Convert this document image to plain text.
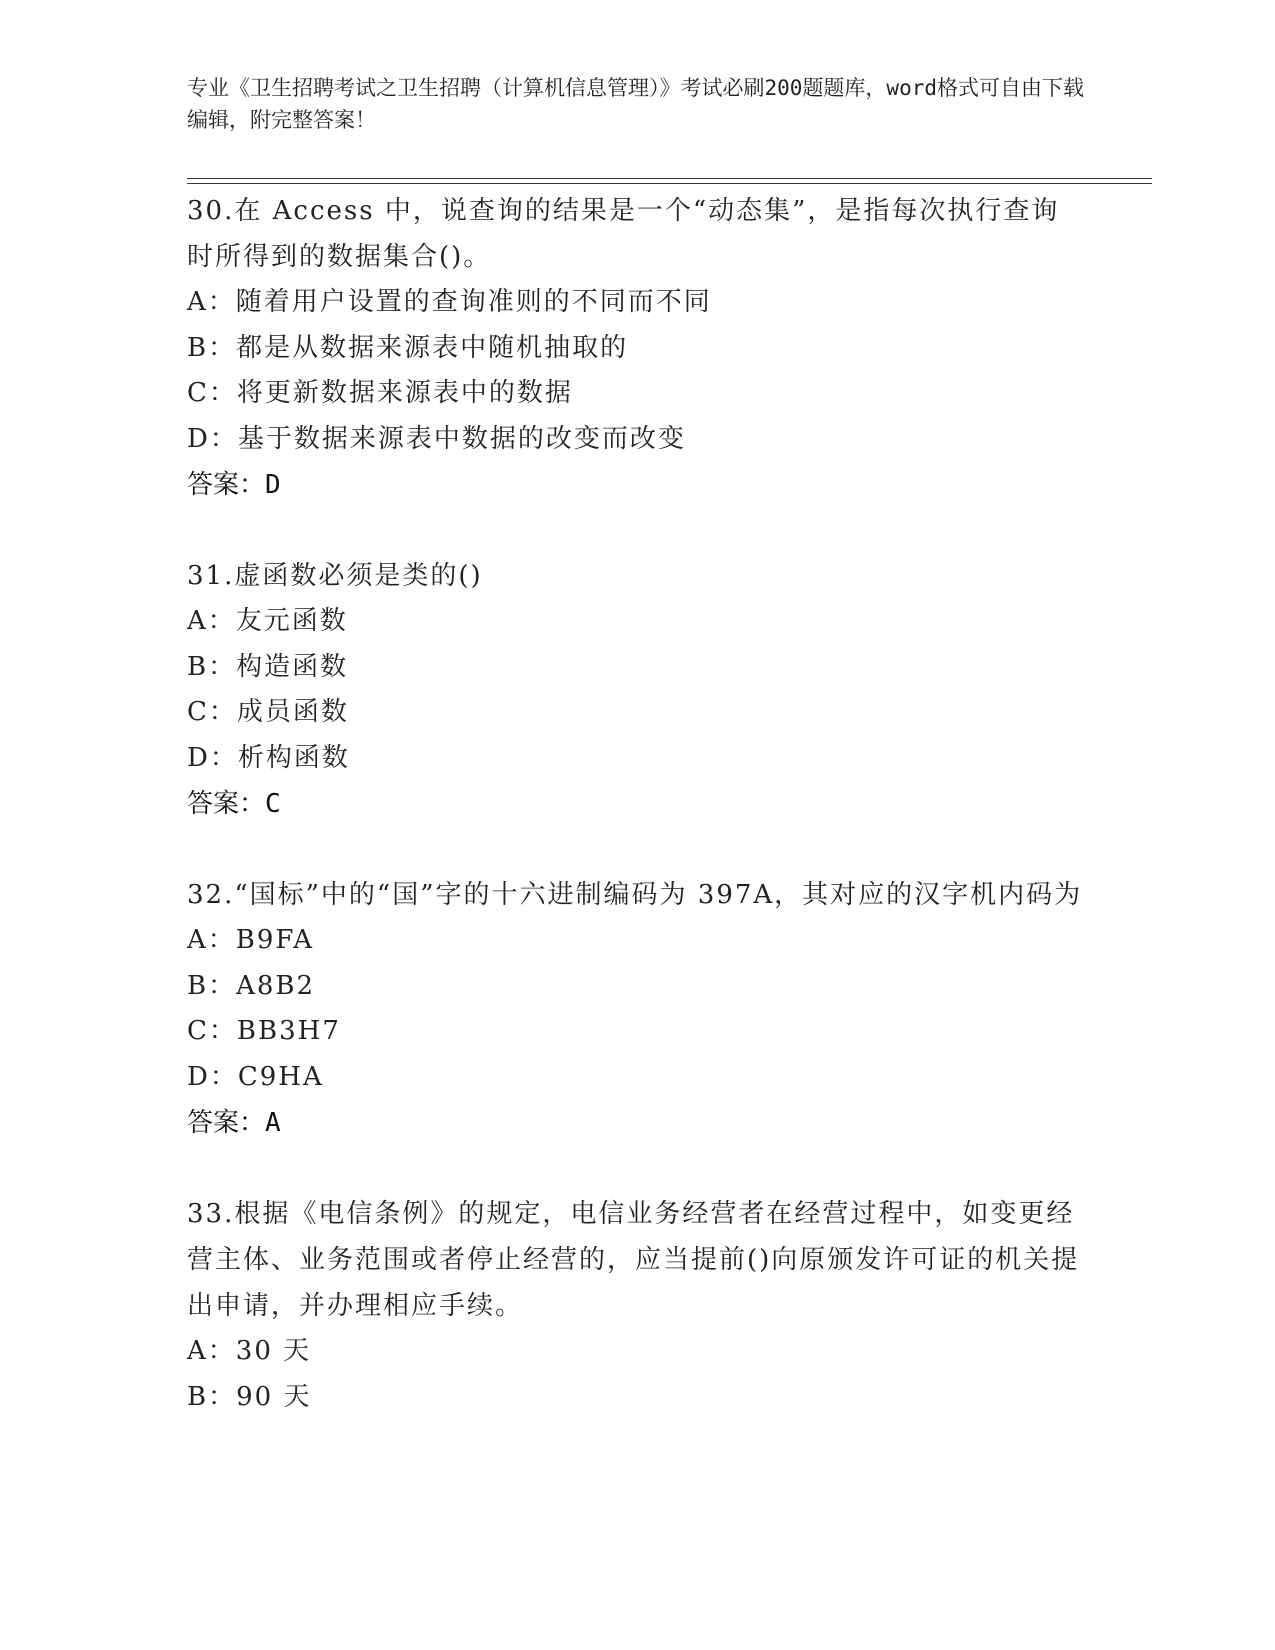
专业《卫生招聘考试之卫生招聘（计算机信息管理）》考试必刷200题题库，word格式可自由下载编辑，附完整答案！
30.在 Access 中，说查询的结果是一个“动态集”，是指每次执行查询时所得到的数据集合()。
A：随着用户设置的查询准则的不同而不同
B：都是从数据来源表中随机抽取的
C：将更新数据来源表中的数据
D：基于数据来源表中数据的改变而改变
答案：D
31.虚函数必须是类的()
A：友元函数
B：构造函数
C：成员函数
D：析构函数
答案：C
32.“国标”中的“国”字的十六进制编码为 397A，其对应的汉字机内码为
A：B9FA
B：A8B2
C：BB3H7
D：C9HA
答案：A
33.根据《电信条例》的规定，电信业务经营者在经营过程中，如变更经营主体、业务范围或者停止经营的，应当提前()向原颁发许可证的机关提出申请，并办理相应手续。
A：30 天
B：90 天
